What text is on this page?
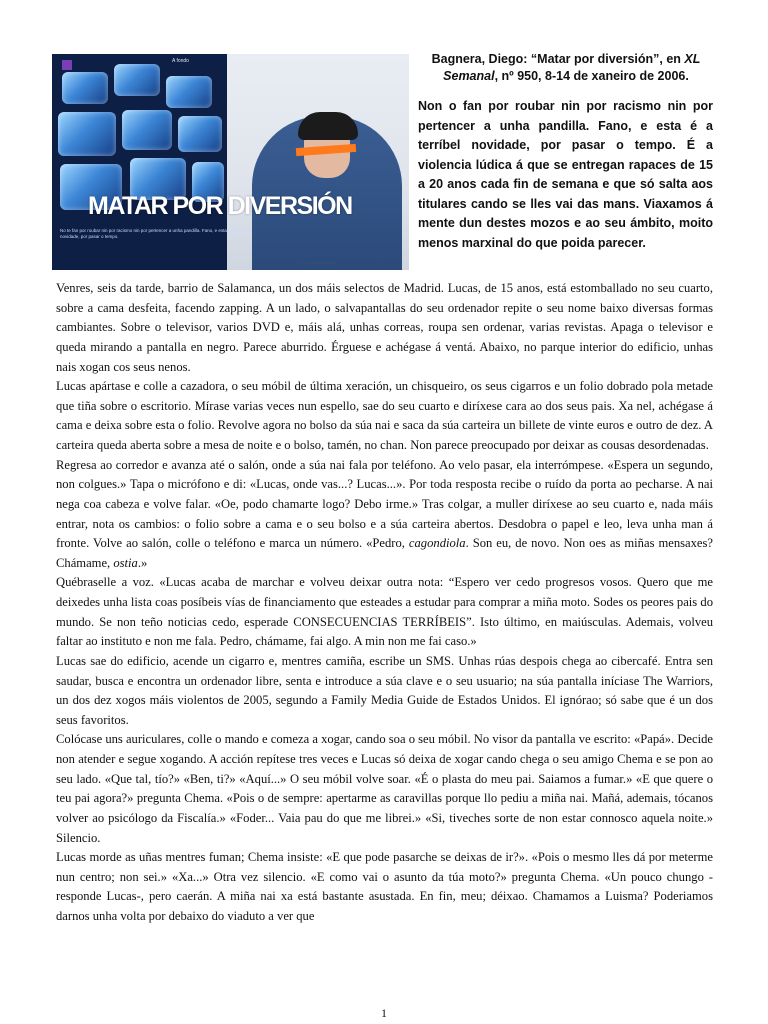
A fondo
MATAR POR DIVERSIÓN
No te fan por roubar nin por racismo nin por pertencer a unha pandilla. Fano, e esta é a terríbel novidade, por pasar o tempo.
Por Diego Bagnera
Bagnera, Diego: “Matar por diversión”, en XL Semanal, nº 950, 8-14 de xaneiro de 2006.
Non o fan por roubar nin por racismo nin por pertencer a unha pandilla. Fano, e esta é a terríbel novidade, por pasar o tempo. É a violencia lúdica á que se entregan rapaces de 15 a 20 anos cada fin de semana e que só salta aos titulares cando se lles vai das mans. Viaxamos á mente dun destes mozos e ao seu ámbito, moito menos marxinal do que poida parecer.

Venres, seis da tarde, barrio de Salamanca, un dos máis selectos de Madrid. Lucas, de 15 anos, está estomballado no seu cuarto, sobre a cama desfeita, facendo zapping. A un lado, o salvapantallas do seu ordenador repite o seu nome baixo diversas formas cambiantes. Sobre o televisor, varios DVD e, máis alá, unhas correas, roupa sen ordenar, varias revistas. Apaga o televisor e queda mirando a pantalla en negro. Parece aburrido. Érguese e achégase á ventá. Abaixo, no parque interior do edificio, unhas nais xogan cos seus nenos.

Lucas apártase e colle a cazadora, o seu móbil de última xeración, un chisqueiro, os seus cigarros e un folio dobrado pola metade que tiña sobre o escritorio. Mírase varias veces nun espello, sae do seu cuarto e diríxese cara ao dos seus pais. Xa nel, achégase á cama e deixa sobre esta o folio. Revolve agora no bolso da súa nai e saca da súa carteira un billete de vinte euros e outro de dez. A carteira queda aberta sobre a mesa de noite e o bolso, tamén, no chan. Non parece preocupado por deixar as cousas desordenadas.

Regresa ao corredor e avanza até o salón, onde a súa nai fala por teléfono. Ao velo pasar, ela interrómpese. «Espera un segundo, non colgues.» Tapa o micrófono e di: «Lucas, onde vas...? Lucas...». Por toda resposta recibe o ruído da porta ao pecharse. A nai nega coa cabeza e volve falar. «Oe, podo chamarte logo? Debo irme.» Tras colgar, a muller diríxese ao seu cuarto e, nada máis entrar, nota os cambios: o folio sobre a cama e o seu bolso e a súa carteira abertos. Desdobra o papel e leo, leva unha man á fronte. Volve ao salón, colle o teléfono e marca un número. «Pedro, cagondiola. Son eu, de novo. Non oes as miñas mensaxes? Chámame, ostia.»

Québraselle a voz. «Lucas acaba de marchar e volveu deixar outra nota: “Espero ver cedo progresos vosos. Quero que me deixedes unha lista coas posíbeis vías de financiamento que esteades a estudar para comprar a miña moto. Sodes os peores pais do mundo. Se non teño noticias cedo, esperade CONSECUENCIAS TERRÍBEIS”. Isto último, en maiúsculas. Ademais, volveu faltar ao instituto e non me fala. Pedro, chámame, fai algo. A min non me fai caso.»

Lucas sae do edificio, acende un cigarro e, mentres camiña, escribe un SMS. Unhas rúas despois chega ao cibercafé. Entra sen saudar, busca e encontra un ordenador libre, senta e introduce a súa clave e o seu usuario; na súa pantalla iníciase The Warriors, un dos dez xogos máis violentos de 2005, segundo a Family Media Guide de Estados Unidos. El ignórao; só sabe que é un dos seus favoritos.

Colócase uns auriculares, colle o mando e comeza a xogar, cando soa o seu móbil. No visor da pantalla ve escrito: «Papá». Decide non atender e segue xogando. A acción repítese tres veces e Lucas só deixa de xogar cando chega o seu amigo Chema e se pon ao seu lado. «Que tal, tío?» «Ben, ti?» «Aquí...» O seu móbil volve soar. «É o plasta do meu pai. Saiamos a fumar.» «E que quere o teu pai agora?» pregunta Chema. «Pois o de sempre: apertarme as caravillas porque llo pediu a miña nai. Mañá, ademais, tócanos volver ao psicólogo da Fiscalía.» «Foder... Vaia pau do que me librei.» «Si, tiveches sorte de non estar connosco aquela noite.» Silencio.

Lucas morde as uñas mentres fuman; Chema insiste: «E que pode pasarche se deixas de ir?». «Pois o mesmo lles dá por meterme nun centro; non sei.» «Xa...» Otra vez silencio. «E como vai o asunto da túa moto?» pregunta Chema. «Un pouco chungo -responde Lucas-, pero caerán. A miña nai xa está bastante asustada. En fin, meu; déixao. Chamamos a Luisma? Poderiamos darnos unha volta por debaixo do viaduto a ver que

1
